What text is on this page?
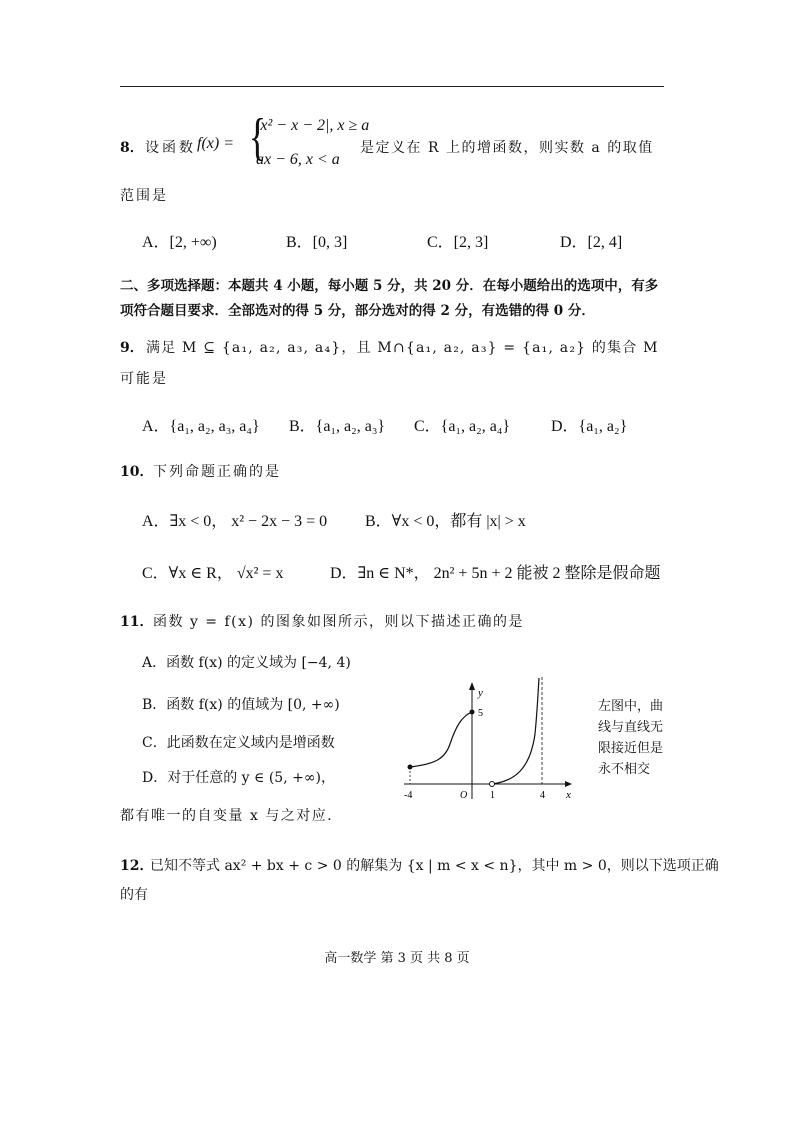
8． 设函数 f(x) = {
|x² − x − 2|, x ≥ a
ax − 6, x < a
是定义在 R 上的增函数，则实数 a 的取值
范围是
A．[2, +∞)	B．[0, 3]	C．[2, 3]	D．[2, 4]
二、多项选择题：本题共 4 小题，每小题 5 分，共 20 分．在每小题给出的选项中，有多
项符合题目要求．全部选对的得 5 分，部分选对的得 2 分，有选错的得 0 分．
9． 满足 M ⊆ {a₁, a₂, a₃, a₄}，且 M∩{a₁, a₂, a₃} = {a₁, a₂} 的集合 M
可能是
A．{a₁, a₂, a₃, a₄} B．{a₁, a₂, a₃} C．{a₁, a₂, a₄}	D．{a₁, a₂}
10． 下列命题正确的是
A．∃x < 0， x² − 2x − 3 = 0 B．∀x < 0，都有 |x| > x
C．∀x ∈ R， √x² = x	D．∃n ∈ N*， 2n² + 5n + 2 能被 2 整除是假命题
11． 函数 y = f(x) 的图象如图所示，则以下描述正确的是
A．函数 f(x) 的定义域为 [−4, 4)
B．函数 f(x) 的值域为 [0, +∞)
C．此函数在定义域内是增函数
D．对于任意的 y ∈ (5, +∞)，
都有唯一的自变量 x 与之对应．
y
x
O
5
-4	1	4
左图中，曲
线与直线无
限接近但是
永不相交
12．
已知不等式 ax² + bx + c > 0 的解集为 {x | m < x < n}，其中 m > 0，则以下选项正确
的有
高一数学 第 3 页 共 8 页
